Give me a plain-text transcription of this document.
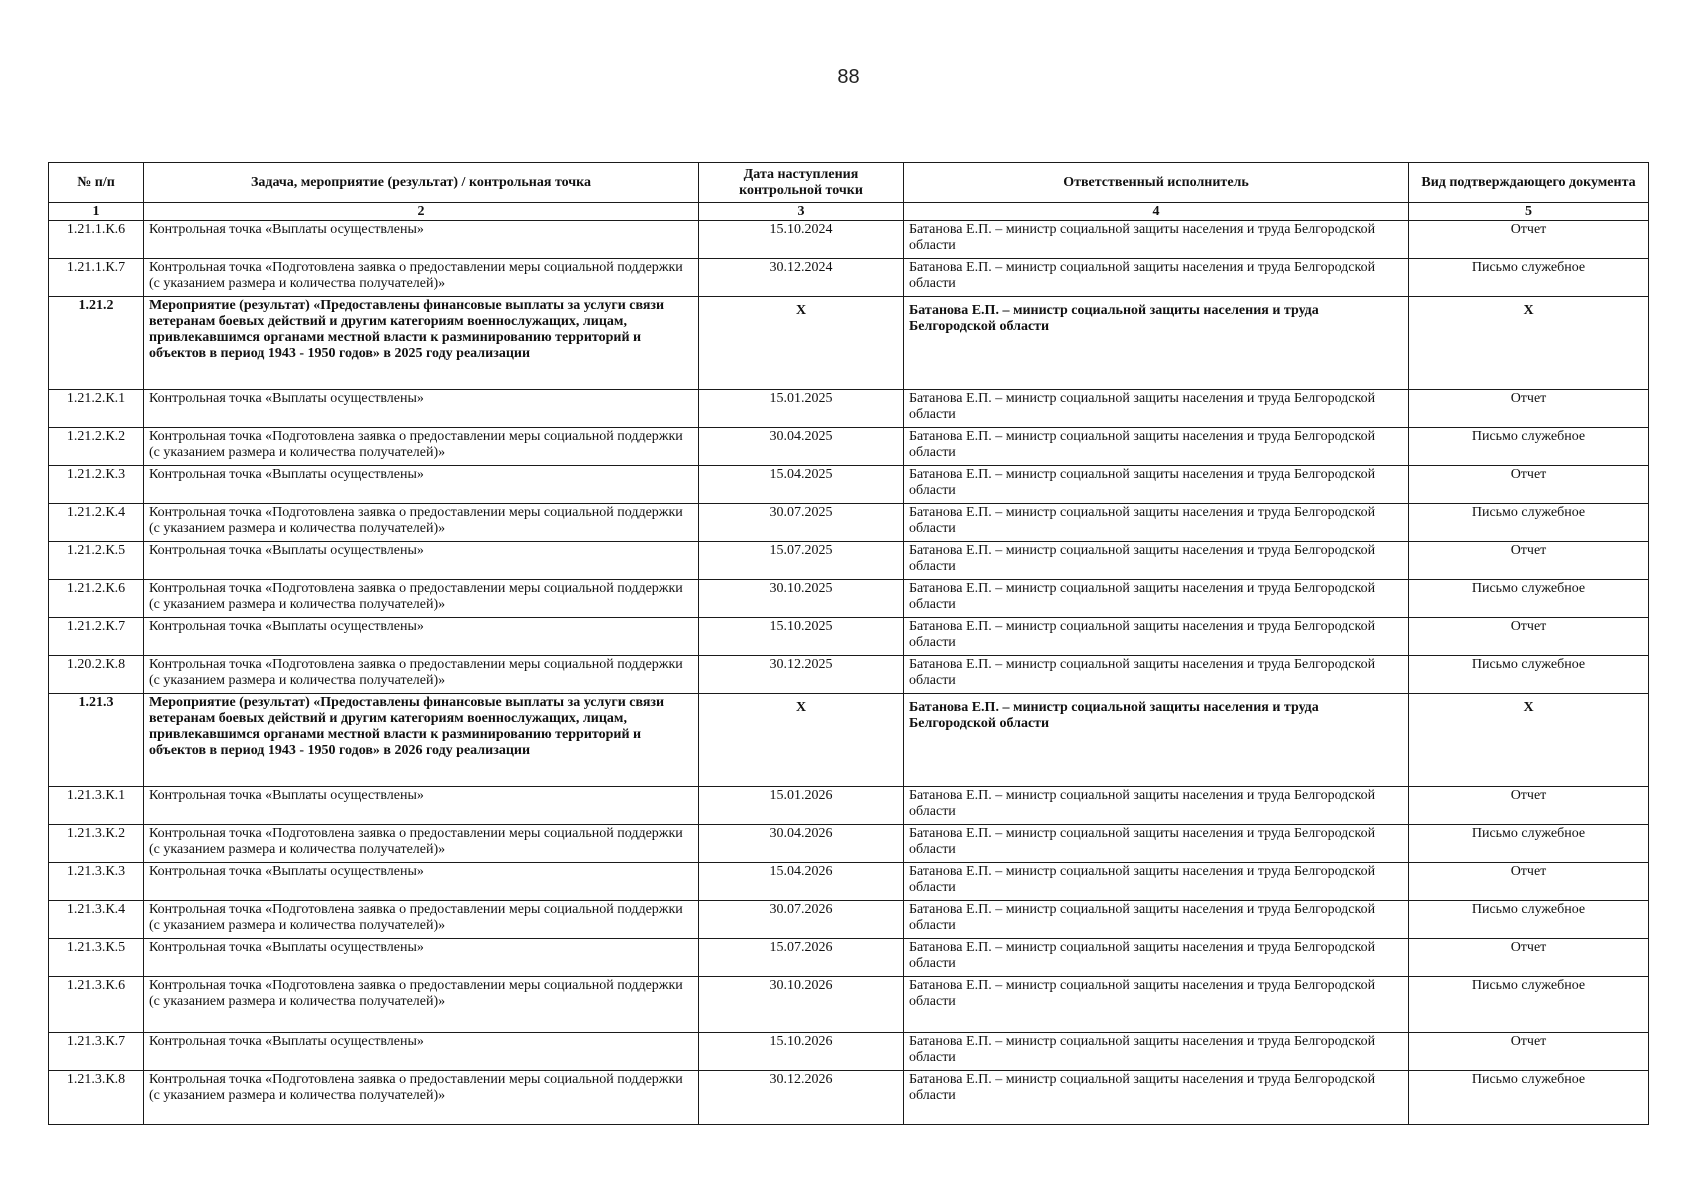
88
№ п/п	Задача, мероприятие (результат) / контрольная точка	Дата наступления контрольной точки	Ответственный исполнитель	Вид подтверждающего документа
1	2	3	4	5
1.21.1.К.6	Контрольная точка «Выплаты осуществлены»	15.10.2024	Батанова Е.П. – министр социальной защиты населения и труда Белгородской области	Отчет
1.21.1.К.7	Контрольная точка «Подготовлена заявка о предоставлении меры социальной поддержки (с указанием размера и количества получателей)»	30.12.2024	Батанова Е.П. – министр социальной защиты населения и труда Белгородской области	Письмо служебное
1.21.2	Мероприятие (результат) «Предоставлены финансовые выплаты за услуги связи ветеранам боевых действий и другим категориям военнослужащих, лицам, привлекавшимся органами местной власти к разминированию территорий и объектов в период 1943 - 1950 годов» в 2025 году реализации	Х	Батанова Е.П. – министр социальной защиты населения и труда Белгородской области	Х
1.21.2.К.1	Контрольная точка «Выплаты осуществлены»	15.01.2025	Батанова Е.П. – министр социальной защиты населения и труда Белгородской области	Отчет
1.21.2.К.2	Контрольная точка «Подготовлена заявка о предоставлении меры социальной поддержки (с указанием размера и количества получателей)»	30.04.2025	Батанова Е.П. – министр социальной защиты населения и труда Белгородской области	Письмо служебное
1.21.2.К.3	Контрольная точка «Выплаты осуществлены»	15.04.2025	Батанова Е.П. – министр социальной защиты населения и труда Белгородской области	Отчет
1.21.2.К.4	Контрольная точка «Подготовлена заявка о предоставлении меры социальной поддержки (с указанием размера и количества получателей)»	30.07.2025	Батанова Е.П. – министр социальной защиты населения и труда Белгородской области	Письмо служебное
1.21.2.К.5	Контрольная точка «Выплаты осуществлены»	15.07.2025	Батанова Е.П. – министр социальной защиты населения и труда Белгородской области	Отчет
1.21.2.К.6	Контрольная точка «Подготовлена заявка о предоставлении меры социальной поддержки (с указанием размера и количества получателей)»	30.10.2025	Батанова Е.П. – министр социальной защиты населения и труда Белгородской области	Письмо служебное
1.21.2.К.7	Контрольная точка «Выплаты осуществлены»	15.10.2025	Батанова Е.П. – министр социальной защиты населения и труда Белгородской области	Отчет
1.20.2.К.8	Контрольная точка «Подготовлена заявка о предоставлении меры социальной поддержки (с указанием размера и количества получателей)»	30.12.2025	Батанова Е.П. – министр социальной защиты населения и труда Белгородской области	Письмо служебное
1.21.3	Мероприятие (результат) «Предоставлены финансовые выплаты за услуги связи ветеранам боевых действий и другим категориям военнослужащих, лицам, привлекавшимся органами местной власти к разминированию территорий и объектов в период 1943 - 1950 годов» в 2026 году реализации	Х	Батанова Е.П. – министр социальной защиты населения и труда Белгородской области	Х
1.21.3.К.1	Контрольная точка «Выплаты осуществлены»	15.01.2026	Батанова Е.П. – министр социальной защиты населения и труда Белгородской области	Отчет
1.21.3.К.2	Контрольная точка «Подготовлена заявка о предоставлении меры социальной поддержки (с указанием размера и количества получателей)»	30.04.2026	Батанова Е.П. – министр социальной защиты населения и труда Белгородской области	Письмо служебное
1.21.3.К.3	Контрольная точка «Выплаты осуществлены»	15.04.2026	Батанова Е.П. – министр социальной защиты населения и труда Белгородской области	Отчет
1.21.3.К.4	Контрольная точка «Подготовлена заявка о предоставлении меры социальной поддержки (с указанием размера и количества получателей)»	30.07.2026	Батанова Е.П. – министр социальной защиты населения и труда Белгородской области	Письмо служебное
1.21.3.К.5	Контрольная точка «Выплаты осуществлены»	15.07.2026	Батанова Е.П. – министр социальной защиты населения и труда Белгородской области	Отчет
1.21.3.К.6	Контрольная точка «Подготовлена заявка о предоставлении меры социальной поддержки (с указанием размера и количества получателей)»	30.10.2026	Батанова Е.П. – министр социальной защиты населения и труда Белгородской области	Письмо служебное
1.21.3.К.7	Контрольная точка «Выплаты осуществлены»	15.10.2026	Батанова Е.П. – министр социальной защиты населения и труда Белгородской области	Отчет
1.21.3.К.8	Контрольная точка «Подготовлена заявка о предоставлении меры социальной поддержки (с указанием размера и количества получателей)»	30.12.2026	Батанова Е.П. – министр социальной защиты населения и труда Белгородской области	Письмо служебное
